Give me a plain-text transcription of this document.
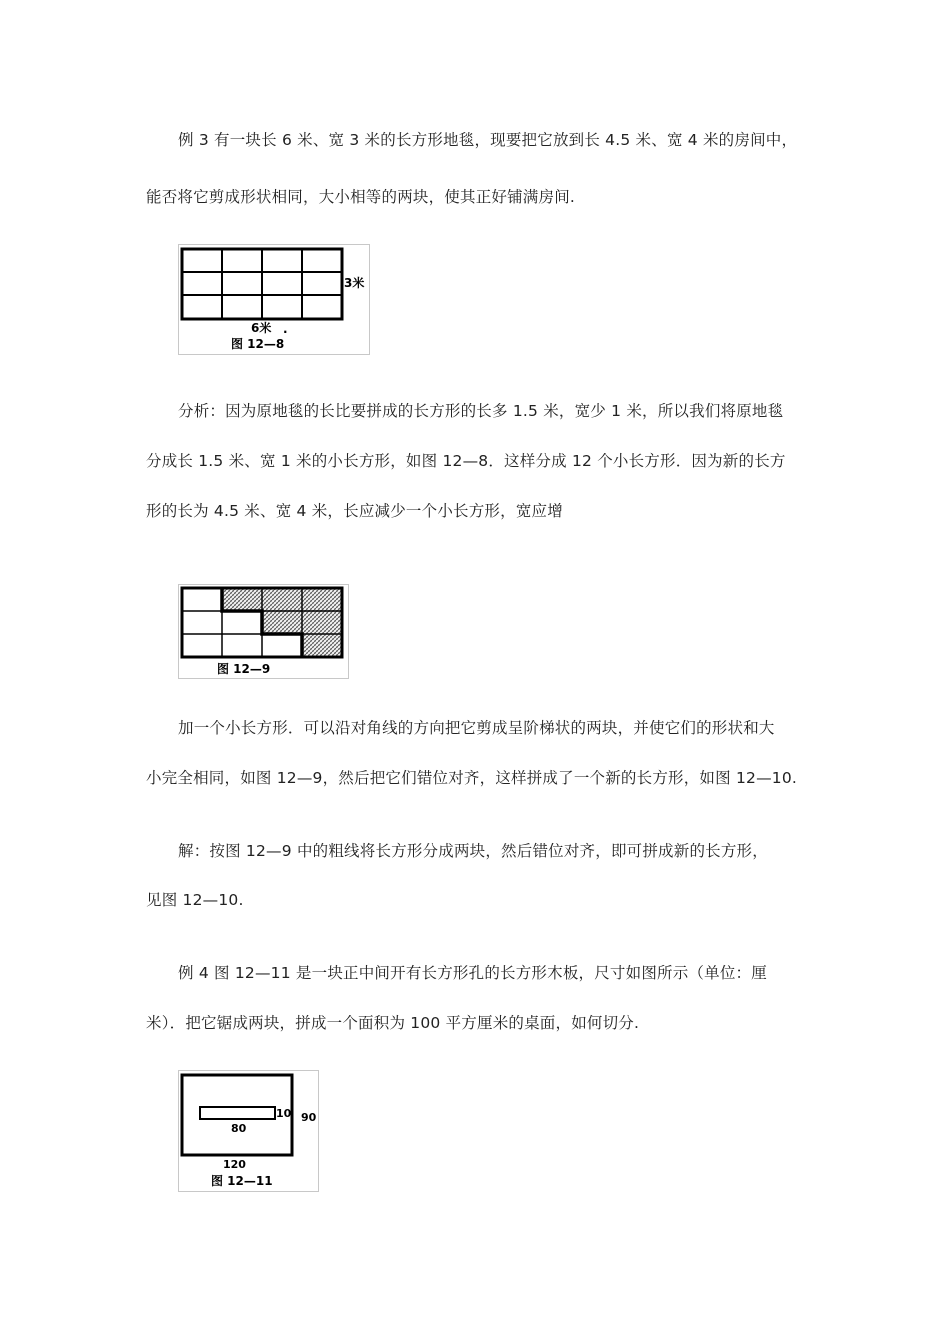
例 3 有一块长 6 米、宽 3 米的长方形地毯，现要把它放到长 4.5 米、宽 4 米的房间中，
能否将它剪成形状相同，大小相等的两块，使其正好铺满房间.
3米
6米 .
图 12—8
分析：因为原地毯的长比要拼成的长方形的长多 1.5 米，宽少 1 米，所以我们将原地毯
分成长 1.5 米、宽 1 米的小长方形，如图 12—8．这样分成 12 个小长方形．因为新的长方
形的长为 4.5 米、宽 4 米，长应减少一个小长方形，宽应增
图 12—9
加一个小长方形．可以沿对角线的方向把它剪成呈阶梯状的两块，并使它们的形状和大
小完全相同，如图 12—9，然后把它们错位对齐，这样拼成了一个新的长方形，如图 12—10.
解：按图 12—9 中的粗线将长方形分成两块，然后错位对齐，即可拼成新的长方形，
见图 12—10.
例 4 图 12—11 是一块正中间开有长方形孔的长方形木板，尺寸如图所示（单位：厘
米）．把它锯成两块，拼成一个面积为 100 平方厘米的桌面，如何切分.
10 90
80
120
图 12—11
